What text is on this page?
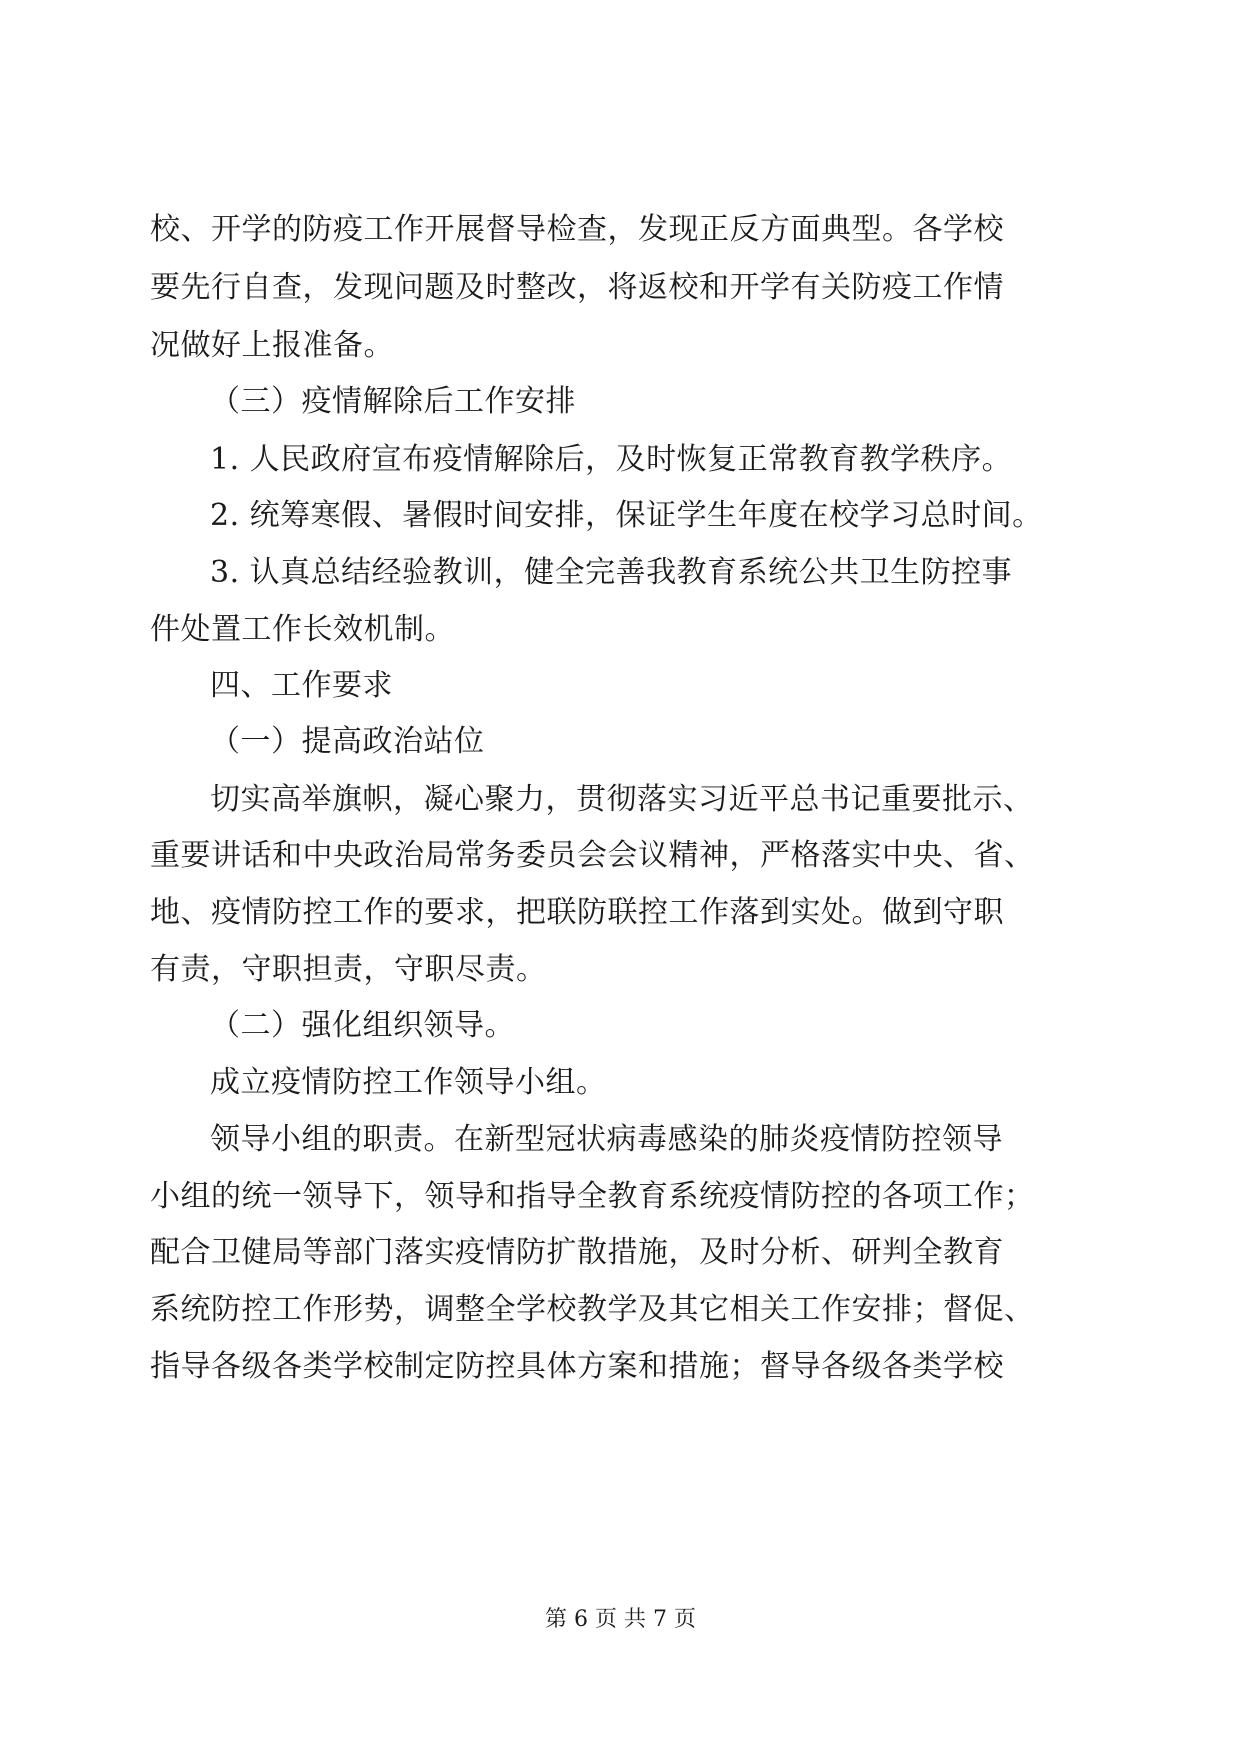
校、开学的防疫工作开展督导检查，发现正反方面典型。各学校
要先行自查，发现问题及时整改，将返校和开学有关防疫工作情
况做好上报准备。
（三）疫情解除后工作安排
1. 人民政府宣布疫情解除后，及时恢复正常教育教学秩序。
2. 统筹寒假、暑假时间安排，保证学生年度在校学习总时间。
3. 认真总结经验教训，健全完善我教育系统公共卫生防控事
件处置工作长效机制。
四、工作要求
（一）提高政治站位
切实高举旗帜，凝心聚力，贯彻落实习近平总书记重要批示、
重要讲话和中央政治局常务委员会会议精神，严格落实中央、省、
地、疫情防控工作的要求，把联防联控工作落到实处。做到守职
有责，守职担责，守职尽责。
（二）强化组织领导。
成立疫情防控工作领导小组。
领导小组的职责。在新型冠状病毒感染的肺炎疫情防控领导
小组的统一领导下，领导和指导全教育系统疫情防控的各项工作；
配合卫健局等部门落实疫情防扩散措施，及时分析、研判全教育
系统防控工作形势，调整全学校教学及其它相关工作安排；督促、
指导各级各类学校制定防控具体方案和措施；督导各级各类学校
第 6 页 共 7 页
